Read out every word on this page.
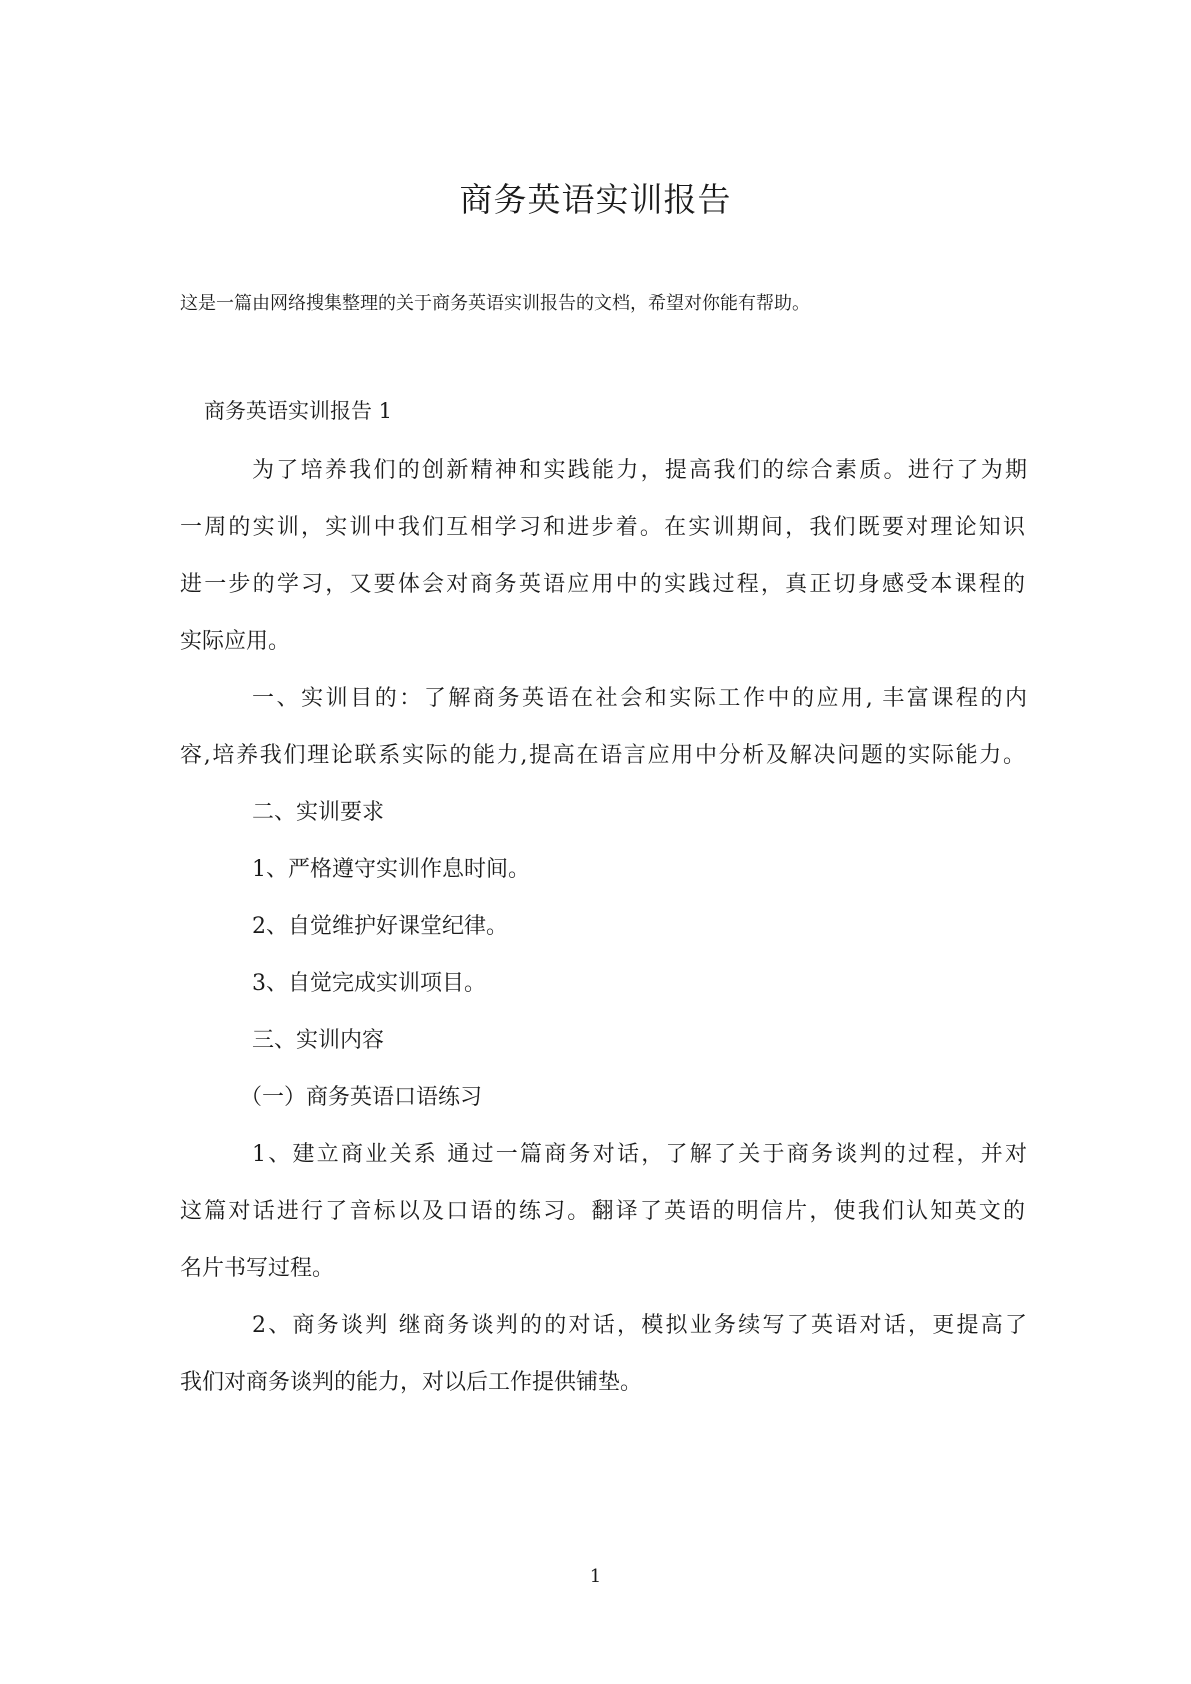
商务英语实训报告
这是一篇由网络搜集整理的关于商务英语实训报告的文档，希望对你能有帮助。
商务英语实训报告 1
为了培养我们的创新精神和实践能力，提高我们的综合素质。进行了为期
一周的实训，实训中我们互相学习和进步着。在实训期间，我们既要对理论知识
进一步的学习，又要体会对商务英语应用中的实践过程，真正切身感受本课程的
实际应用。
一、实训目的：了解商务英语在社会和实际工作中的应用, 丰富课程的内
容,培养我们理论联系实际的能力,提高在语言应用中分析及解决问题的实际能力。
二、实训要求
1、严格遵守实训作息时间。
2、自觉维护好课堂纪律。
3、自觉完成实训项目。
三、实训内容
（一）商务英语口语练习
1、建立商业关系 通过一篇商务对话，了解了关于商务谈判的过程，并对
这篇对话进行了音标以及口语的练习。翻译了英语的明信片，使我们认知英文的
名片书写过程。
2、商务谈判 继商务谈判的的对话，模拟业务续写了英语对话，更提高了
我们对商务谈判的能力，对以后工作提供铺垫。
1
